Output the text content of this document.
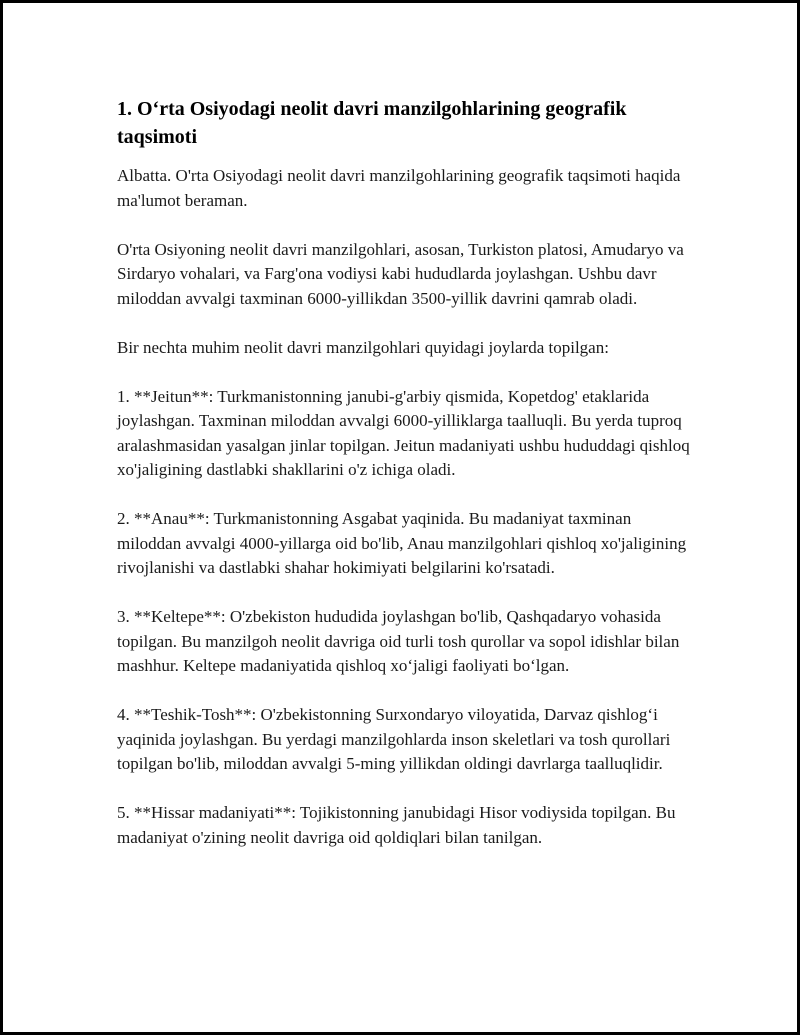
1. O‘rta Osiyodagi neolit davri manzilgohlarining geografik taqsimoti

Albatta. O'rta Osiyodagi neolit davri manzilgohlarining geografik taqsimoti haqida ma'lumot beraman.

O'rta Osiyoning neolit davri manzilgohlari, asosan, Turkiston platosi, Amudaryo va Sirdaryo vohalari, va Farg'ona vodiysi kabi hududlarda joylashgan. Ushbu davr miloddan avvalgi taxminan 6000-yillikdan 3500-yillik davrini qamrab oladi.

Bir nechta muhim neolit davri manzilgohlari quyidagi joylarda topilgan:

1. **Jeitun**: Turkmanistonning janubi-g'arbiy qismida, Kopetdog' etaklarida joylashgan. Taxminan miloddan avvalgi 6000-yilliklarga taalluqli. Bu yerda tuproq aralashmasidan yasalgan jinlar topilgan. Jeitun madaniyati ushbu hududdagi qishloq xo'jaligining dastlabki shakllarini o'z ichiga oladi.

2. **Anau**: Turkmanistonning Asgabat yaqinida. Bu madaniyat taxminan miloddan avvalgi 4000-yillarga oid bo'lib, Anau manzilgohlari qishloq xo'jaligining rivojlanishi va dastlabki shahar hokimiyati belgilarini ko'rsatadi.

3. **Keltepe**: O'zbekiston hududida joylashgan bo'lib, Qashqadaryo vohasida topilgan. Bu manzilgoh neolit davriga oid turli tosh qurollar va sopol idishlar bilan mashhur. Keltepe madaniyatida qishloq xo‘jaligi faoliyati bo‘lgan.

4. **Teshik-Tosh**: O'zbekistonning Surxondaryo viloyatida, Darvaz qishlog‘i yaqinida joylashgan. Bu yerdagi manzilgohlarda inson skeletlari va tosh qurollari topilgan bo'lib, miloddan avvalgi 5-ming yillikdan oldingi davrlarga taalluqlidir.

5. **Hissar madaniyati**: Tojikistonning janubidagi Hisor vodiysida topilgan. Bu madaniyat o'zining neolit davriga oid qoldiqlari bilan tanilgan.
